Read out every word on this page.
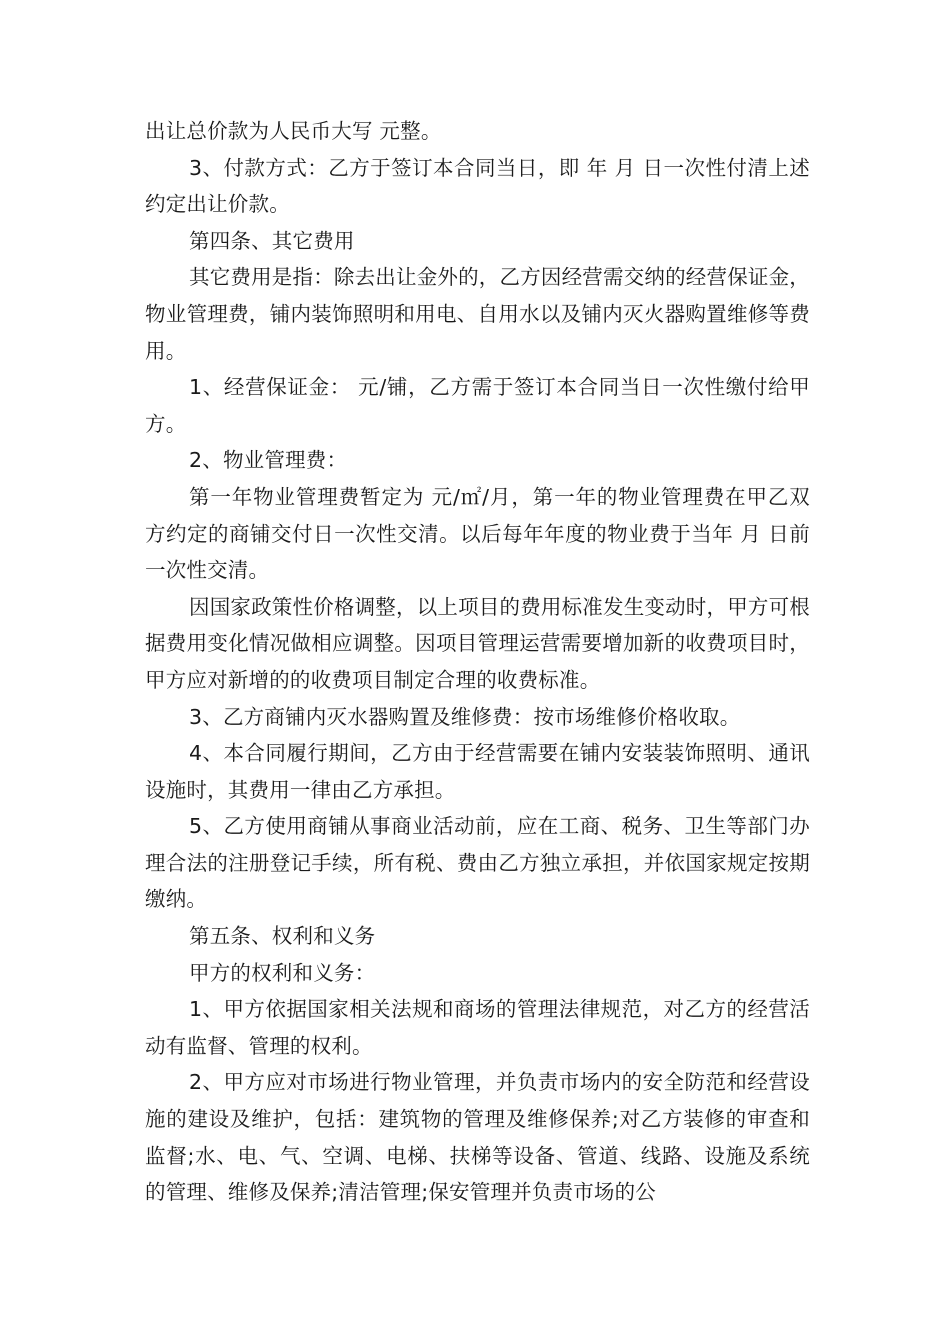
出让总价款为人民币大写 元整。

3、付款方式：乙方于签订本合同当日，即 年 月 日一次性付清上述约定出让价款。

第四条、其它费用

其它费用是指：除去出让金外的，乙方因经营需交纳的经营保证金，物业管理费，铺内装饰照明和用电、自用水以及铺内灭火器购置维修等费用。

1、经营保证金： 元/铺，乙方需于签订本合同当日一次性缴付给甲方。

2、物业管理费：

第一年物业管理费暂定为 元/㎡/月，第一年的物业管理费在甲乙双方约定的商铺交付日一次性交清。以后每年年度的物业费于当年 月 日前一次性交清。

因国家政策性价格调整，以上项目的费用标准发生变动时，甲方可根据费用变化情况做相应调整。因项目管理运营需要增加新的收费项目时，甲方应对新增的的收费项目制定合理的收费标准。

3、乙方商铺内灭水器购置及维修费：按市场维修价格收取。

4、本合同履行期间，乙方由于经营需要在铺内安装装饰照明、通讯设施时，其费用一律由乙方承担。

5、乙方使用商铺从事商业活动前，应在工商、税务、卫生等部门办理合法的注册登记手续，所有税、费由乙方独立承担，并依国家规定按期缴纳。

第五条、权利和义务

甲方的权利和义务：

1、甲方依据国家相关法规和商场的管理法律规范，对乙方的经营活动有监督、管理的权利。

2、甲方应对市场进行物业管理，并负责市场内的安全防范和经营设施的建设及维护，包括：建筑物的管理及维修保养;对乙方装修的审查和监督;水、电、气、空调、电梯、扶梯等设备、管道、线路、设施及系统的管理、维修及保养;清洁管理;保安管理并负责市场的公
